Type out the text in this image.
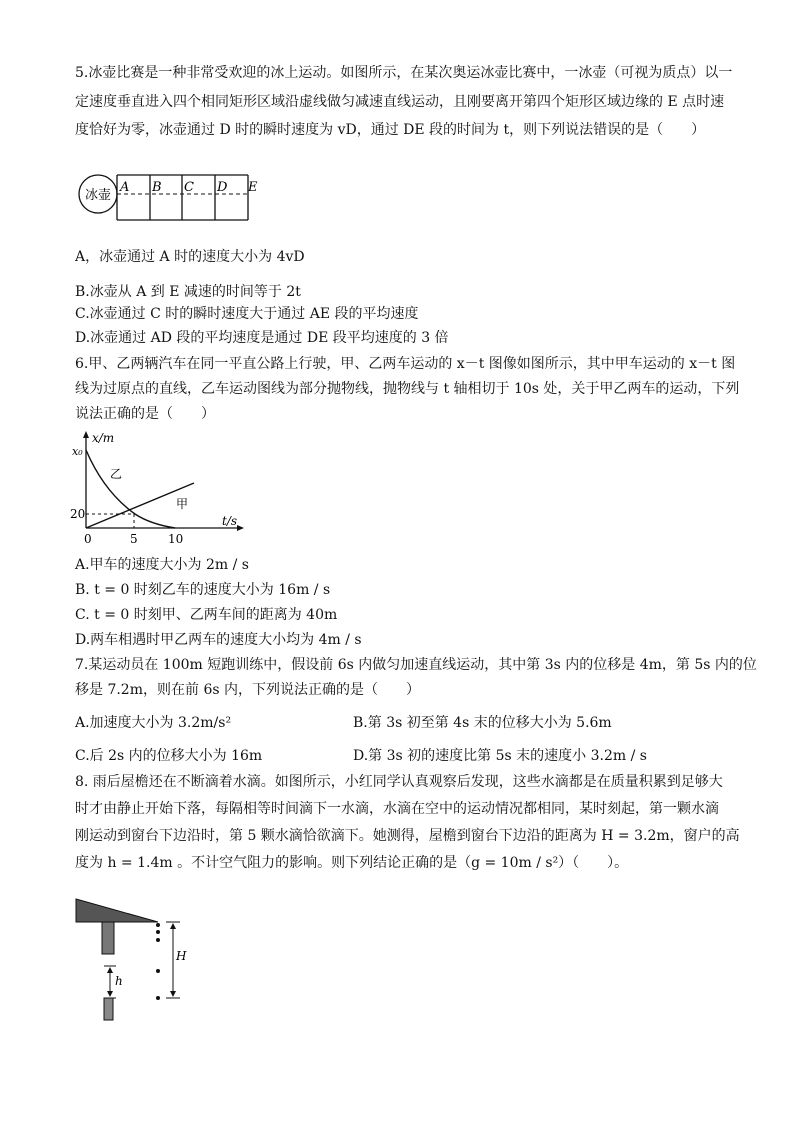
5.冰壶比赛是一种非常受欢迎的冰上运动。如图所示，在某次奥运冰壶比赛中，一冰壶（可视为质点）以一
定速度垂直进入四个相同矩形区域沿虚线做匀减速直线运动，且刚要离开第四个矩形区域边缘的 E 点时速
度恰好为零，冰壶通过 D 时的瞬时速度为 vD，通过 DE 段的时间为 t，则下列说法错误的是（　　）
冰壶
A B C D E
A，冰壶通过 A 时的速度大小为 4vD
B.冰壶从 A 到 E 减速的时间等于 2t
C.冰壶通过 C 时的瞬时速度大于通过 AE 段的平均速度
D.冰壶通过 AD 段的平均速度是通过 DE 段平均速度的 3 倍
6.甲、乙两辆汽车在同一平直公路上行驶，甲、乙两车运动的 x－t 图像如图所示，其中甲车运动的 x－t 图
线为过原点的直线，乙车运动图线为部分抛物线，抛物线与 t 轴相切于 10s 处，关于甲乙两车的运动，下列
说法正确的是（　　）
x/m
t/s
x₀
乙
甲
20
0	5	10
A.甲车的速度大小为 2m / s
B. t = 0 时刻乙车的速度大小为 16m / s
C. t = 0 时刻甲、乙两车间的距离为 40m
D.两车相遇时甲乙两车的速度大小均为 4m / s
7.某运动员在 100m 短跑训练中，假设前 6s 内做匀加速直线运动，其中第 3s 内的位移是 4m，第 5s 内的位
移是 7.2m，则在前 6s 内，下列说法正确的是（　　）
A.加速度大小为 3.2m/s²	B.第 3s 初至第 4s 末的位移大小为 5.6m
C.后 2s 内的位移大小为 16m	D.第 3s 初的速度比第 5s 末的速度小 3.2m / s
8. 雨后屋檐还在不断滴着水滴。如图所示，小红同学认真观察后发现，这些水滴都是在质量积累到足够大
时才由静止开始下落，每隔相等时间滴下一水滴，水滴在空中的运动情况都相同，某时刻起，第一颗水滴
刚运动到窗台下边沿时，第 5 颗水滴恰欲滴下。她测得，屋檐到窗台下边沿的距离为 H = 3.2m，窗户的高
度为 h = 1.4m 。不计空气阻力的影响。则下列结论正确的是（g = 10m / s²）（　　）。
h
H
